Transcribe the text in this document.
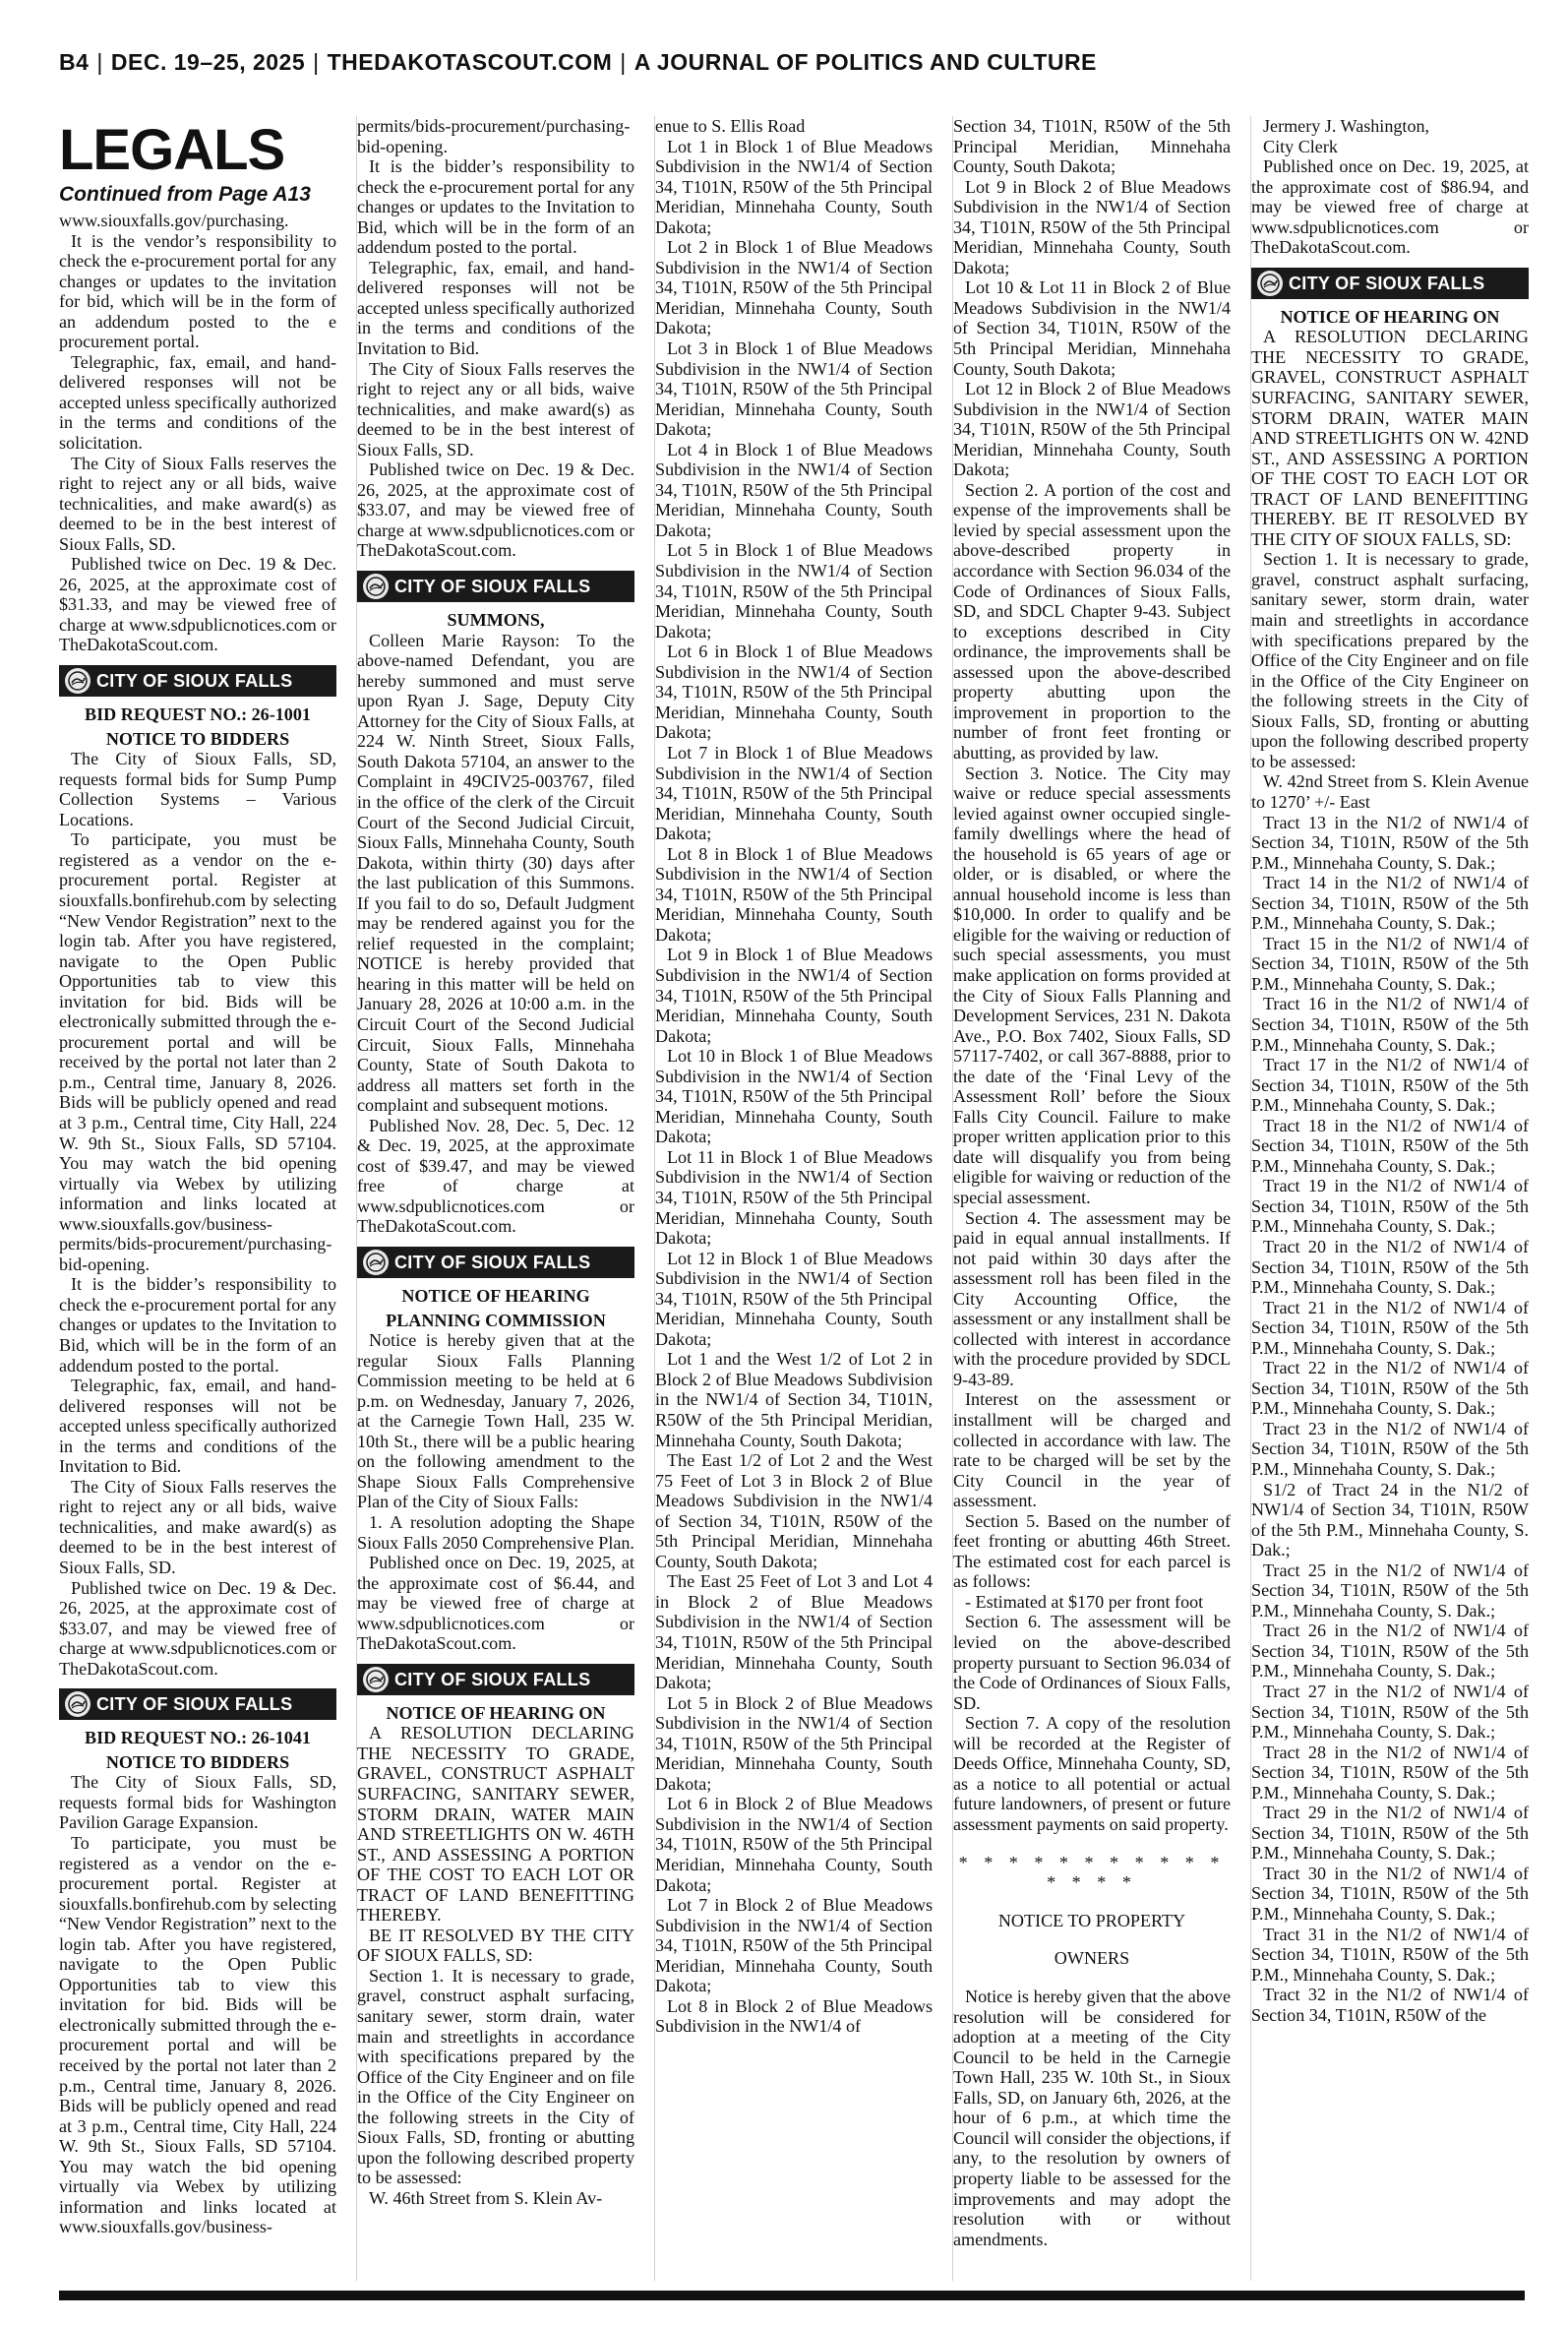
B4 | DEC. 19–25, 2025 | THEDAKOTASCOUT.COM | A JOURNAL OF POLITICS AND CULTURE
LEGALS
Continued from Page A13

www.siouxfalls.gov/purchasing.

It is the vendor’s responsibility to check the e-procurement portal for any changes or updates to the invitation for bid, which will be in the form of an addendum posted to the e procurement portal.

Telegraphic, fax, email, and hand-delivered responses will not be accepted unless specifically authorized in the terms and conditions of the solicitation.

The City of Sioux Falls reserves the right to reject any or all bids, waive technicalities, and make award(s) as deemed to be in the best interest of Sioux Falls, SD.

Published twice on Dec. 19 & Dec. 26, 2025, at the approximate cost of $31.33, and may be viewed free of charge at www.sdpublicnotices.com or TheDakotaScout.com.

CITY OF SIOUX FALLS

BID REQUEST NO.: 26-1001

NOTICE TO BIDDERS

The City of Sioux Falls, SD, requests formal bids for Sump Pump Collection Systems – Various Locations.

To participate, you must be registered as a vendor on the e-procurement portal. Register at siouxfalls.bonfirehub.com by selecting “New Vendor Registration” next to the login tab. After you have registered, navigate to the Open Public Opportunities tab to view this invitation for bid. Bids will be electronically submitted through the e-procurement portal and will be received by the portal not later than 2 p.m., Central time, January 8, 2026. Bids will be publicly opened and read at 3 p.m., Central time, City Hall, 224 W. 9th St., Sioux Falls, SD 57104. You may watch the bid opening virtually via Webex by utilizing information and links located at www.siouxfalls.gov/business-permits/bids-procurement/purchasing-bid-opening.

It is the bidder’s responsibility to check the e-procurement portal for any changes or updates to the Invitation to Bid, which will be in the form of an addendum posted to the portal.

Telegraphic, fax, email, and hand-delivered responses will not be accepted unless specifically authorized in the terms and conditions of the Invitation to Bid.

The City of Sioux Falls reserves the right to reject any or all bids, waive technicalities, and make award(s) as deemed to be in the best interest of Sioux Falls, SD.

Published twice on Dec. 19 & Dec. 26, 2025, at the approximate cost of $33.07, and may be viewed free of charge at www.sdpublicnotices.com or TheDakotaScout.com.

CITY OF SIOUX FALLS

BID REQUEST NO.: 26-1041

NOTICE TO BIDDERS

The City of Sioux Falls, SD, requests formal bids for Washington Pavilion Garage Expansion.

To participate, you must be registered as a vendor on the e-procurement portal. Register at siouxfalls.bonfirehub.com by selecting “New Vendor Registration” next to the login tab. After you have registered, navigate to the Open Public Opportunities tab to view this invitation for bid. Bids will be electronically submitted through the e-procurement portal and will be received by the portal not later than 2 p.m., Central time, January 8, 2026. Bids will be publicly opened and read at 3 p.m., Central time, City Hall, 224 W. 9th St., Sioux Falls, SD 57104. You may watch the bid opening virtually via Webex by utilizing information and links located at www.siouxfalls.gov/business-

permits/bids-procurement/purchasing-bid-opening.

It is the bidder’s responsibility to check the e-procurement portal for any changes or updates to the Invitation to Bid, which will be in the form of an addendum posted to the portal.

Telegraphic, fax, email, and hand-delivered responses will not be accepted unless specifically authorized in the terms and conditions of the Invitation to Bid.

The City of Sioux Falls reserves the right to reject any or all bids, waive technicalities, and make award(s) as deemed to be in the best interest of Sioux Falls, SD.

Published twice on Dec. 19 & Dec. 26, 2025, at the approximate cost of $33.07, and may be viewed free of charge at www.sdpublicnotices.com or TheDakotaScout.com.

CITY OF SIOUX FALLS

SUMMONS,

Colleen Marie Rayson: To the above-named Defendant, you are hereby summoned and must serve upon Ryan J. Sage, Deputy City Attorney for the City of Sioux Falls, at 224 W. Ninth Street, Sioux Falls, South Dakota 57104, an answer to the Complaint in 49CIV25-003767, filed in the office of the clerk of the Circuit Court of the Second Judicial Circuit, Sioux Falls, Minnehaha County, South Dakota, within thirty (30) days after the last publication of this Summons. If you fail to do so, Default Judgment may be rendered against you for the relief requested in the complaint; NOTICE is hereby provided that hearing in this matter will be held on January 28, 2026 at 10:00 a.m. in the Circuit Court of the Second Judicial Circuit, Sioux Falls, Minnehaha County, State of South Dakota to address all matters set forth in the complaint and subsequent motions.

Published Nov. 28, Dec. 5, Dec. 12 & Dec. 19, 2025, at the approximate cost of $39.47, and may be viewed free of charge at www.sdpublicnotices.com or TheDakotaScout.com.

CITY OF SIOUX FALLS

NOTICE OF HEARING

PLANNING COMMISSION

Notice is hereby given that at the regular Sioux Falls Planning Commission meeting to be held at 6 p.m. on Wednesday, January 7, 2026, at the Carnegie Town Hall, 235 W. 10th St., there will be a public hearing on the following amendment to the Shape Sioux Falls Comprehensive Plan of the City of Sioux Falls:

1. A resolution adopting the Shape Sioux Falls 2050 Comprehensive Plan.

Published once on Dec. 19, 2025, at the approximate cost of $6.44, and may be viewed free of charge at www.sdpublicnotices.com or TheDakotaScout.com.

CITY OF SIOUX FALLS

NOTICE OF HEARING ON

A RESOLUTION DECLARING THE NECESSITY TO GRADE, GRAVEL, CONSTRUCT ASPHALT SURFACING, SANITARY SEWER, STORM DRAIN, WATER MAIN AND STREETLIGHTS ON W. 46TH ST., AND ASSESSING A PORTION OF THE COST TO EACH LOT OR TRACT OF LAND BENEFITTING THEREBY.

BE IT RESOLVED BY THE CITY OF SIOUX FALLS, SD:

Section 1. It is necessary to grade, gravel, construct asphalt surfacing, sanitary sewer, storm drain, water main and streetlights in accordance with specifications prepared by the Office of the City Engineer and on file in the Office of the City Engineer on the following streets in the City of Sioux Falls, SD, fronting or abutting upon the following described property to be assessed:

W. 46th Street from S. Klein Av-

enue to S. Ellis Road

Lot 1 in Block 1 of Blue Meadows Subdivision in the NW1/4 of Section 34, T101N, R50W of the 5th Principal Meridian, Minnehaha County, South Dakota;

Lot 2 in Block 1 of Blue Meadows Subdivision in the NW1/4 of Section 34, T101N, R50W of the 5th Principal Meridian, Minnehaha County, South Dakota;

Lot 3 in Block 1 of Blue Meadows Subdivision in the NW1/4 of Section 34, T101N, R50W of the 5th Principal Meridian, Minnehaha County, South Dakota;

Lot 4 in Block 1 of Blue Meadows Subdivision in the NW1/4 of Section 34, T101N, R50W of the 5th Principal Meridian, Minnehaha County, South Dakota;

Lot 5 in Block 1 of Blue Meadows Subdivision in the NW1/4 of Section 34, T101N, R50W of the 5th Principal Meridian, Minnehaha County, South Dakota;

Lot 6 in Block 1 of Blue Meadows Subdivision in the NW1/4 of Section 34, T101N, R50W of the 5th Principal Meridian, Minnehaha County, South Dakota;

Lot 7 in Block 1 of Blue Meadows Subdivision in the NW1/4 of Section 34, T101N, R50W of the 5th Principal Meridian, Minnehaha County, South Dakota;

Lot 8 in Block 1 of Blue Meadows Subdivision in the NW1/4 of Section 34, T101N, R50W of the 5th Principal Meridian, Minnehaha County, South Dakota;

Lot 9 in Block 1 of Blue Meadows Subdivision in the NW1/4 of Section 34, T101N, R50W of the 5th Principal Meridian, Minnehaha County, South Dakota;

Lot 10 in Block 1 of Blue Meadows Subdivision in the NW1/4 of Section 34, T101N, R50W of the 5th Principal Meridian, Minnehaha County, South Dakota;

Lot 11 in Block 1 of Blue Meadows Subdivision in the NW1/4 of Section 34, T101N, R50W of the 5th Principal Meridian, Minnehaha County, South Dakota;

Lot 12 in Block 1 of Blue Meadows Subdivision in the NW1/4 of Section 34, T101N, R50W of the 5th Principal Meridian, Minnehaha County, South Dakota;

Lot 1 and the West 1/2 of Lot 2 in Block 2 of Blue Meadows Subdivision in the NW1/4 of Section 34, T101N, R50W of the 5th Principal Meridian, Minnehaha County, South Dakota;

The East 1/2 of Lot 2 and the West 75 Feet of Lot 3 in Block 2 of Blue Meadows Subdivision in the NW1/4 of Section 34, T101N, R50W of the 5th Principal Meridian, Minnehaha County, South Dakota;

The East 25 Feet of Lot 3 and Lot 4 in Block 2 of Blue Meadows Subdivision in the NW1/4 of Section 34, T101N, R50W of the 5th Principal Meridian, Minnehaha County, South Dakota;

Lot 5 in Block 2 of Blue Meadows Subdivision in the NW1/4 of Section 34, T101N, R50W of the 5th Principal Meridian, Minnehaha County, South Dakota;

Lot 6 in Block 2 of Blue Meadows Subdivision in the NW1/4 of Section 34, T101N, R50W of the 5th Principal Meridian, Minnehaha County, South Dakota;

Lot 7 in Block 2 of Blue Meadows Subdivision in the NW1/4 of Section 34, T101N, R50W of the 5th Principal Meridian, Minnehaha County, South Dakota;

Lot 8 in Block 2 of Blue Meadows Subdivision in the NW1/4 of

Section 34, T101N, R50W of the 5th Principal Meridian, Minnehaha County, South Dakota;

Lot 9 in Block 2 of Blue Meadows Subdivision in the NW1/4 of Section 34, T101N, R50W of the 5th Principal Meridian, Minnehaha County, South Dakota;

Lot 10 & Lot 11 in Block 2 of Blue Meadows Subdivision in the NW1/4 of Section 34, T101N, R50W of the 5th Principal Meridian, Minnehaha County, South Dakota;

Lot 12 in Block 2 of Blue Meadows Subdivision in the NW1/4 of Section 34, T101N, R50W of the 5th Principal Meridian, Minnehaha County, South Dakota;

Section 2. A portion of the cost and expense of the improvements shall be levied by special assessment upon the above-described property in accordance with Section 96.034 of the Code of Ordinances of Sioux Falls, SD, and SDCL Chapter 9-43. Subject to exceptions described in City ordinance, the improvements shall be assessed upon the above-described property abutting upon the improvement in proportion to the number of front feet fronting or abutting, as provided by law.

Section 3. Notice. The City may waive or reduce special assessments levied against owner occupied single-family dwellings where the head of the household is 65 years of age or older, or is disabled, or where the annual household income is less than $10,000. In order to qualify and be eligible for the waiving or reduction of such special assessments, you must make application on forms provided at the City of Sioux Falls Planning and Development Services, 231 N. Dakota Ave., P.O. Box 7402, Sioux Falls, SD 57117-7402, or call 367-8888, prior to the date of the ‘Final Levy of the Assessment Roll’ before the Sioux Falls City Council. Failure to make proper written application prior to this date will disqualify you from being eligible for waiving or reduction of the special assessment.

Section 4. The assessment may be paid in equal annual installments. If not paid within 30 days after the assessment roll has been filed in the City Accounting Office, the assessment or any installment shall be collected with interest in accordance with the procedure provided by SDCL 9-43-89.

Interest on the assessment or installment will be charged and collected in accordance with law. The rate to be charged will be set by the City Council in the year of assessment.

Section 5. Based on the number of feet fronting or abutting 46th Street. The estimated cost for each parcel is as follows:

- Estimated at $170 per front foot

Section 6. The assessment will be levied on the above-described property pursuant to Section 96.034 of the Code of Ordinances of Sioux Falls, SD.

Section 7. A copy of the resolution will be recorded at the Register of Deeds Office, Minnehaha County, SD, as a notice to all potential or actual future landowners, of present or future assessment payments on said property.

* * * * * * * * * * * * * * *

NOTICE TO PROPERTY

OWNERS

Notice is hereby given that the above resolution will be considered for adoption at a meeting of the City Council to be held in the Carnegie Town Hall, 235 W. 10th St., in Sioux Falls, SD, on January 6th, 2026, at the hour of 6 p.m., at which time the Council will consider the objections, if any, to the resolution by owners of property liable to be assessed for the improvements and may adopt the resolution with or without amendments.

Jermery J. Washington,

City Clerk

Published once on Dec. 19, 2025, at the approximate cost of $86.94, and may be viewed free of charge at www.sdpublicnotices.com or TheDakotaScout.com.

CITY OF SIOUX FALLS

NOTICE OF HEARING ON

A RESOLUTION DECLARING THE NECESSITY TO GRADE, GRAVEL, CONSTRUCT ASPHALT SURFACING, SANITARY SEWER, STORM DRAIN, WATER MAIN AND STREETLIGHTS ON W. 42ND ST., AND ASSESSING A PORTION OF THE COST TO EACH LOT OR TRACT OF LAND BENEFITTING THEREBY. BE IT RESOLVED BY THE CITY OF SIOUX FALLS, SD:

Section 1. It is necessary to grade, gravel, construct asphalt surfacing, sanitary sewer, storm drain, water main and streetlights in accordance with specifications prepared by the Office of the City Engineer and on file in the Office of the City Engineer on the following streets in the City of Sioux Falls, SD, fronting or abutting upon the following described property to be assessed:

W. 42nd Street from S. Klein Avenue to 1270’ +/- East

Tract 13 in the N1/2 of NW1/4 of Section 34, T101N, R50W of the 5th P.M., Minnehaha County, S. Dak.;

Tract 14 in the N1/2 of NW1/4 of Section 34, T101N, R50W of the 5th P.M., Minnehaha County, S. Dak.;

Tract 15 in the N1/2 of NW1/4 of Section 34, T101N, R50W of the 5th P.M., Minnehaha County, S. Dak.;

Tract 16 in the N1/2 of NW1/4 of Section 34, T101N, R50W of the 5th P.M., Minnehaha County, S. Dak.;

Tract 17 in the N1/2 of NW1/4 of Section 34, T101N, R50W of the 5th P.M., Minnehaha County, S. Dak.;

Tract 18 in the N1/2 of NW1/4 of Section 34, T101N, R50W of the 5th P.M., Minnehaha County, S. Dak.;

Tract 19 in the N1/2 of NW1/4 of Section 34, T101N, R50W of the 5th P.M., Minnehaha County, S. Dak.;

Tract 20 in the N1/2 of NW1/4 of Section 34, T101N, R50W of the 5th P.M., Minnehaha County, S. Dak.;

Tract 21 in the N1/2 of NW1/4 of Section 34, T101N, R50W of the 5th P.M., Minnehaha County, S. Dak.;

Tract 22 in the N1/2 of NW1/4 of Section 34, T101N, R50W of the 5th P.M., Minnehaha County, S. Dak.;

Tract 23 in the N1/2 of NW1/4 of Section 34, T101N, R50W of the 5th P.M., Minnehaha County, S. Dak.;

S1/2 of Tract 24 in the N1/2 of NW1/4 of Section 34, T101N, R50W of the 5th P.M., Minnehaha County, S. Dak.;

Tract 25 in the N1/2 of NW1/4 of Section 34, T101N, R50W of the 5th P.M., Minnehaha County, S. Dak.;

Tract 26 in the N1/2 of NW1/4 of Section 34, T101N, R50W of the 5th P.M., Minnehaha County, S. Dak.;

Tract 27 in the N1/2 of NW1/4 of Section 34, T101N, R50W of the 5th P.M., Minnehaha County, S. Dak.;

Tract 28 in the N1/2 of NW1/4 of Section 34, T101N, R50W of the 5th P.M., Minnehaha County, S. Dak.;

Tract 29 in the N1/2 of NW1/4 of Section 34, T101N, R50W of the 5th P.M., Minnehaha County, S. Dak.;

Tract 30 in the N1/2 of NW1/4 of Section 34, T101N, R50W of the 5th P.M., Minnehaha County, S. Dak.;

Tract 31 in the N1/2 of NW1/4 of Section 34, T101N, R50W of the 5th P.M., Minnehaha County, S. Dak.;

Tract 32 in the N1/2 of NW1/4 of Section 34, T101N, R50W of the
